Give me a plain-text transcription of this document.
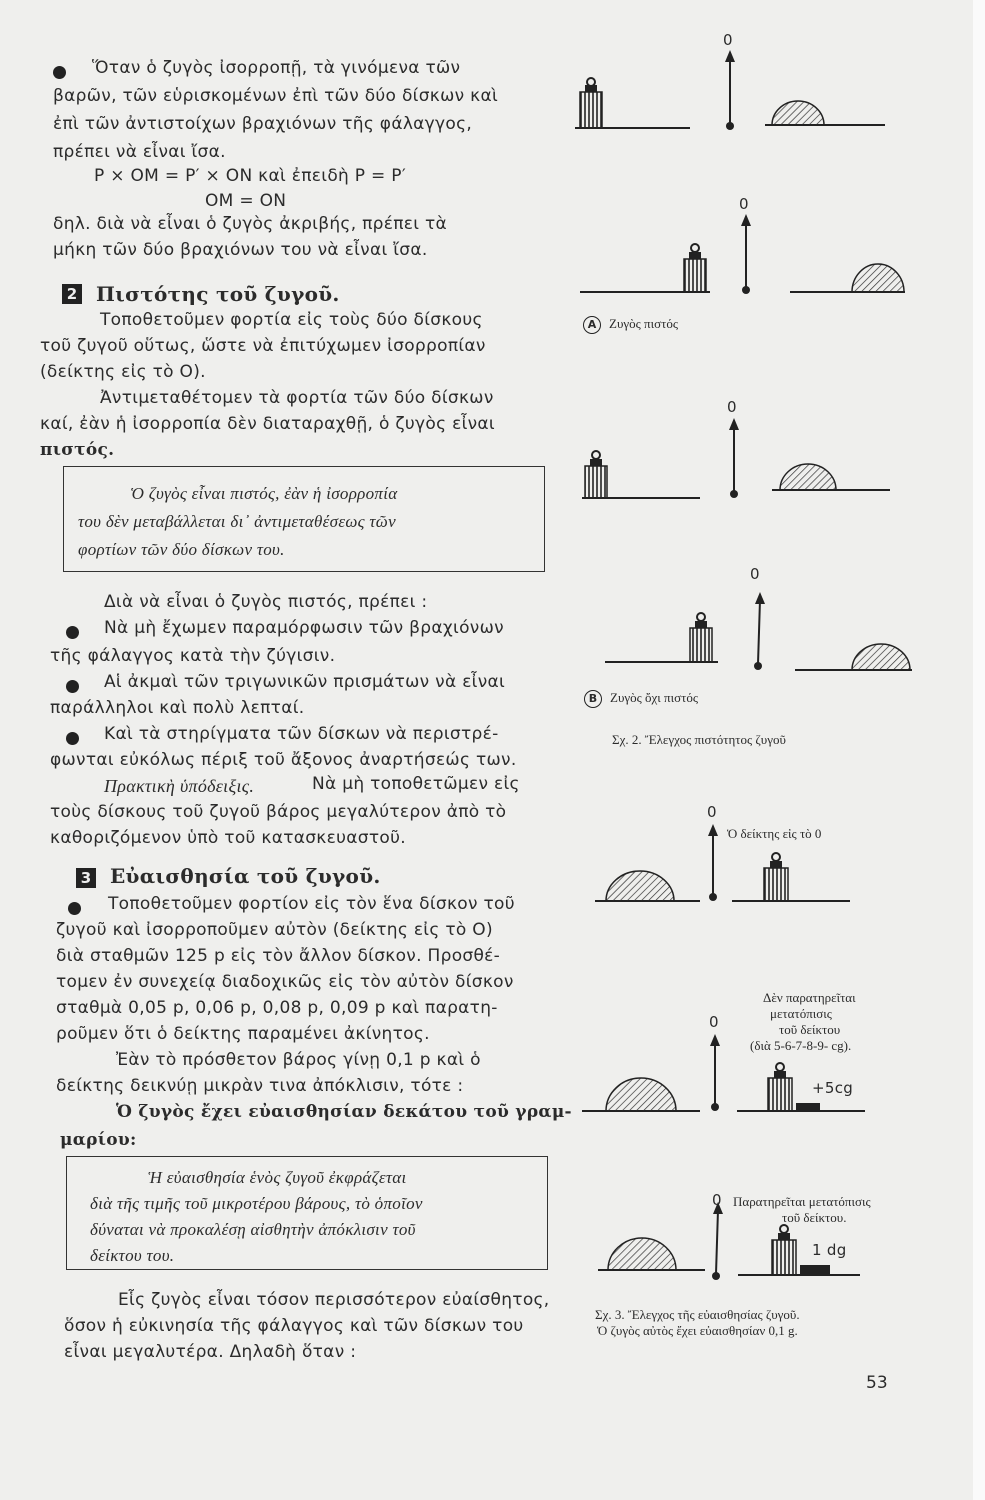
Ὅταν ὁ ζυγὸς ἰσορροπῇ, τὰ γινόμενα τῶν
βαρῶν, τῶν εὑρισκομένων ἐπὶ τῶν δύο δίσκων καὶ
ἐπὶ τῶν ἀντιστοίχων βραχιόνων τῆς φάλαγγος,
πρέπει νὰ εἶναι ἴσα.
P × OM = P′ × ON καὶ ἐπειδὴ P = P′
OM = ON
δηλ. διὰ νὰ εἶναι ὁ ζυγὸς ἀκριβής, πρέπει τὰ
μήκη τῶν δύο βραχιόνων του νὰ εἶναι ἴσα.
2 Πιστότης τοῦ ζυγοῦ.
Τοποθετοῦμεν φορτία εἰς τοὺς δύο δίσκους
τοῦ ζυγοῦ οὕτως, ὥστε νὰ ἐπιτύχωμεν ἰσορροπίαν
(δείκτης εἰς τὸ Ο).
Ἀντιμεταθέτομεν τὰ φορτία τῶν δύο δίσκων
καί, ἐὰν ἡ ἰσορροπία δὲν διαταραχθῇ, ὁ ζυγὸς εἶναι
πιστός.
Ὁ ζυγὸς εἶναι πιστός, ἐὰν ἡ ἰσορροπία
του δὲν μεταβάλλεται δι᾽ ἀντιμεταθέσεως τῶν
φορτίων τῶν δύο δίσκων του.
Διὰ νὰ εἶναι ὁ ζυγὸς πιστός, πρέπει :
Νὰ μὴ ἔχωμεν παραμόρφωσιν τῶν βραχιόνων
τῆς φάλαγγος κατὰ τὴν ζύγισιν.
Αἱ ἀκμαὶ τῶν τριγωνικῶν πρισμάτων νὰ εἶναι
παράλληλοι καὶ πολὺ λεπταί.
Καὶ τὰ στηρίγματα τῶν δίσκων νὰ περιστρέ-
φωνται εὐκόλως πέριξ τοῦ ἄξονος ἀναρτήσεώς των.
Πρακτικὴ ὑπόδειξις.	Νὰ μὴ τοποθετῶμεν εἰς
τοὺς δίσκους τοῦ ζυγοῦ βάρος μεγαλύτερον ἀπὸ τὸ
καθοριζόμενον ὑπὸ τοῦ κατασκευαστοῦ.
3 Εὐαισθησία τοῦ ζυγοῦ.
Τοποθετοῦμεν φορτίον εἰς τὸν ἕνα δίσκον τοῦ
ζυγοῦ καὶ ἰσορροποῦμεν αὐτὸν (δείκτης εἰς τὸ Ο)
διὰ σταθμῶν 125 p εἰς τὸν ἄλλον δίσκον. Προσθέ-
τομεν ἐν συνεχείᾳ διαδοχικῶς εἰς τὸν αὐτὸν δίσκον
σταθμὰ 0,05 p, 0,06 p, 0,08 p, 0,09 p καὶ παρατη-
ροῦμεν ὅτι ὁ δείκτης παραμένει ἀκίνητος.
Ἐὰν τὸ πρόσθετον βάρος γίνῃ 0,1 p καὶ ὁ
δείκτης δεικνύῃ μικρὰν τινα ἀπόκλισιν, τότε :
Ὁ ζυγὸς ἔχει εὐαισθησίαν δεκάτου τοῦ γραμ-
μαρίου:
Ἡ εὐαισθησία ἑνὸς ζυγοῦ ἐκφράζεται
διὰ τῆς τιμῆς τοῦ μικροτέρου βάρους, τὸ ὁποῖον
δύναται νὰ προκαλέσῃ αἰσθητὴν ἀπόκλισιν τοῦ
δείκτου του.
Εἷς ζυγὸς εἶναι τόσον περισσότερον εὐαίσθητος,
ὅσον ἡ εὐκινησία τῆς φάλαγγος καὶ τῶν δίσκων του
εἶναι μεγαλυτέρα. Δηλαδὴ ὅταν :
0
0
A Ζυγὸς πιστός
0
0
B Ζυγὸς ὄχι πιστός
Σχ. 2. Ἔλεγχος πιστότητος ζυγοῦ
0
Ὁ δείκτης εἰς τὸ 0
Δὲν παρατηρεῖται
μετατόπισις
τοῦ δείκτου
(διὰ 5-6-7-8-9- cg).
0
+5cg
0 Παρατηρεῖται μετατόπισις
τοῦ δείκτου.
1 dg
Σχ. 3. Ἔλεγχος τῆς εὐαισθησίας ζυγοῦ.
Ὁ ζυγὸς αὐτὸς ἔχει εὐαισθησίαν 0,1 g.
53
